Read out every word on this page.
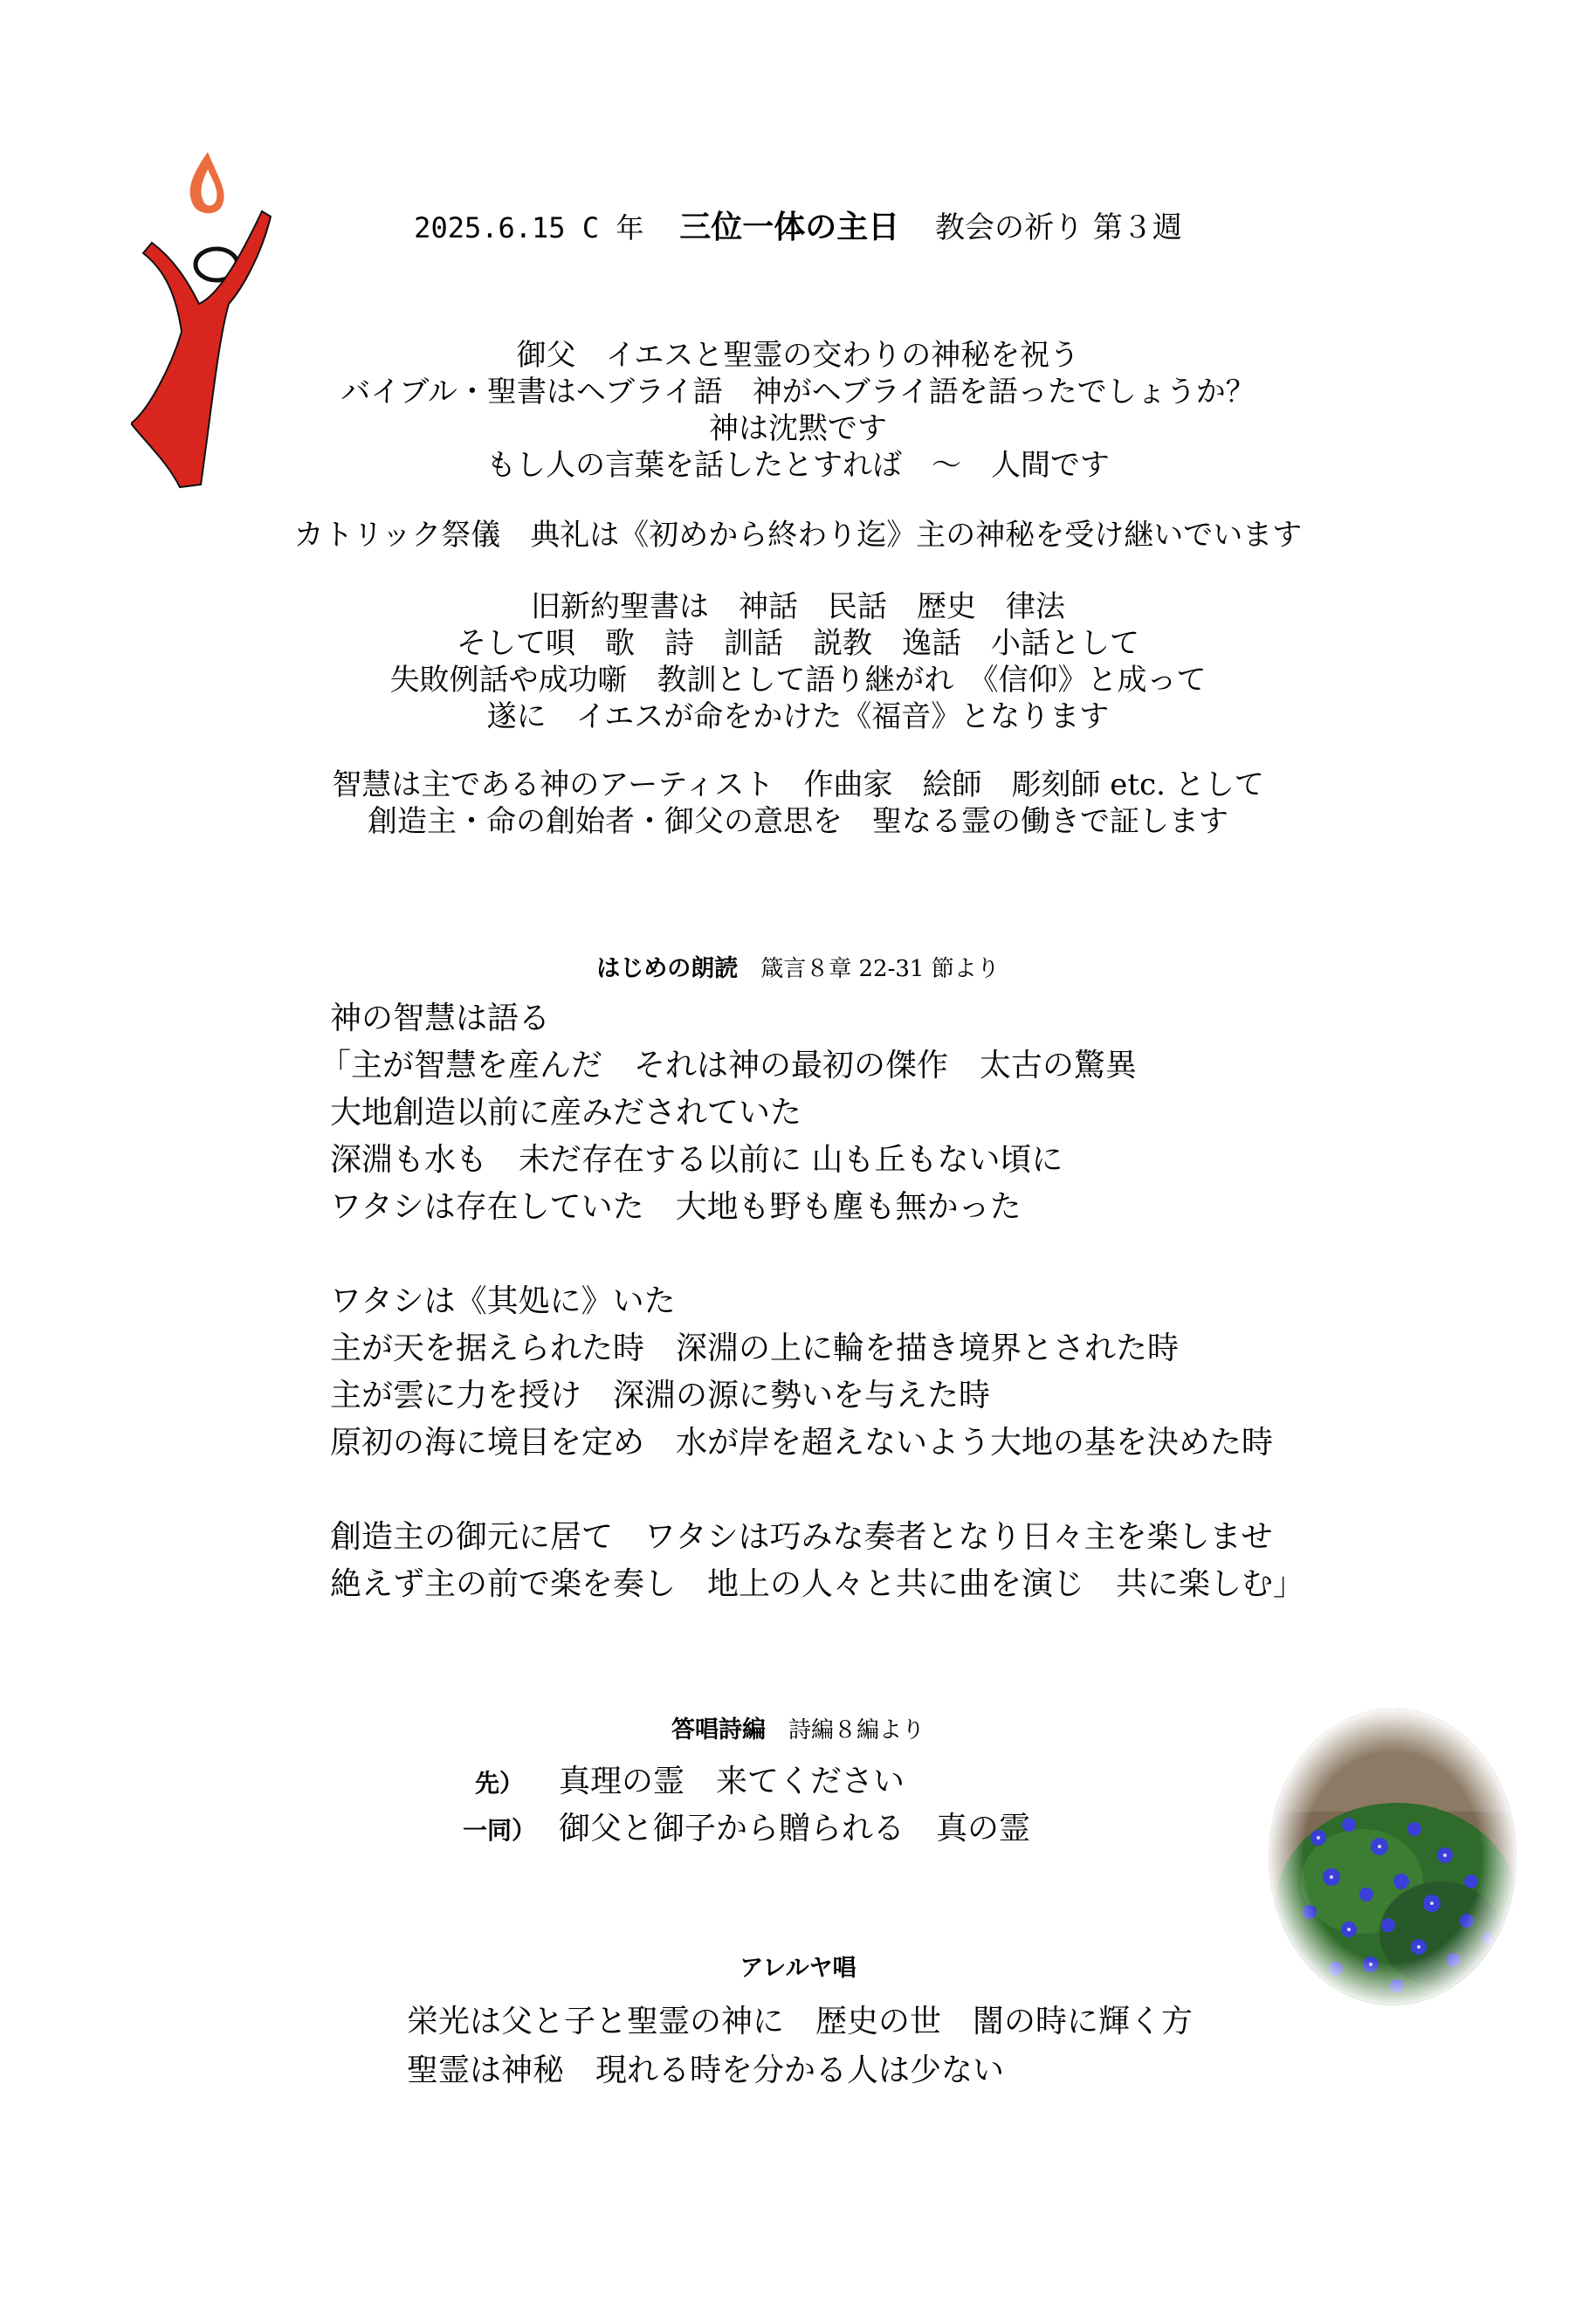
2025.6.15 C 年 三位一体の主日 教会の祈り 第３週
御父　イエスと聖霊の交わりの神秘を祝う
バイブル・聖書はヘブライ語　神がヘブライ語を語ったでしょうか？
神は沈黙です
もし人の言葉を話したとすれば　～　人間です
カトリック祭儀　典礼は《初めから終わり迄》主の神秘を受け継いでいます
旧新約聖書は　神話　民話　歴史　律法
そして唄　歌　詩　訓話　説教　逸話　小話として
失敗例話や成功噺　教訓として語り継がれ　《信仰》と成って
遂に　イエスが命をかけた《福音》となります
智慧は主である神のアーティスト　作曲家　絵師　彫刻師 etc. として
創造主・命の創始者・御父の意思を　聖なる霊の働きで証します
はじめの朗読 箴言８章 22-31 節より
神の智慧は語る
「主が智慧を産んだ　それは神の最初の傑作　太古の驚異
大地創造以前に産みだされていた
深淵も水も　未だ存在する以前に 山も丘もない頃に
ワタシは存在していた　大地も野も塵も無かった
ワタシは《其処に》いた
主が天を据えられた時　深淵の上に輪を描き境界とされた時
主が雲に力を授け　深淵の源に勢いを与えた時
原初の海に境目を定め　水が岸を超えないよう大地の基を決めた時
創造主の御元に居て　ワタシは巧みな奏者となり日々主を楽しませ
絶えず主の前で楽を奏し　地上の人々と共に曲を演じ　共に楽しむ」
答唱詩編 詩編８編より
先） 真理の霊　来てください
一同） 御父と御子から贈られる　真の霊
アレルヤ唱
栄光は父と子と聖霊の神に　歴史の世　闇の時に輝く方
聖霊は神秘　現れる時を分かる人は少ない
